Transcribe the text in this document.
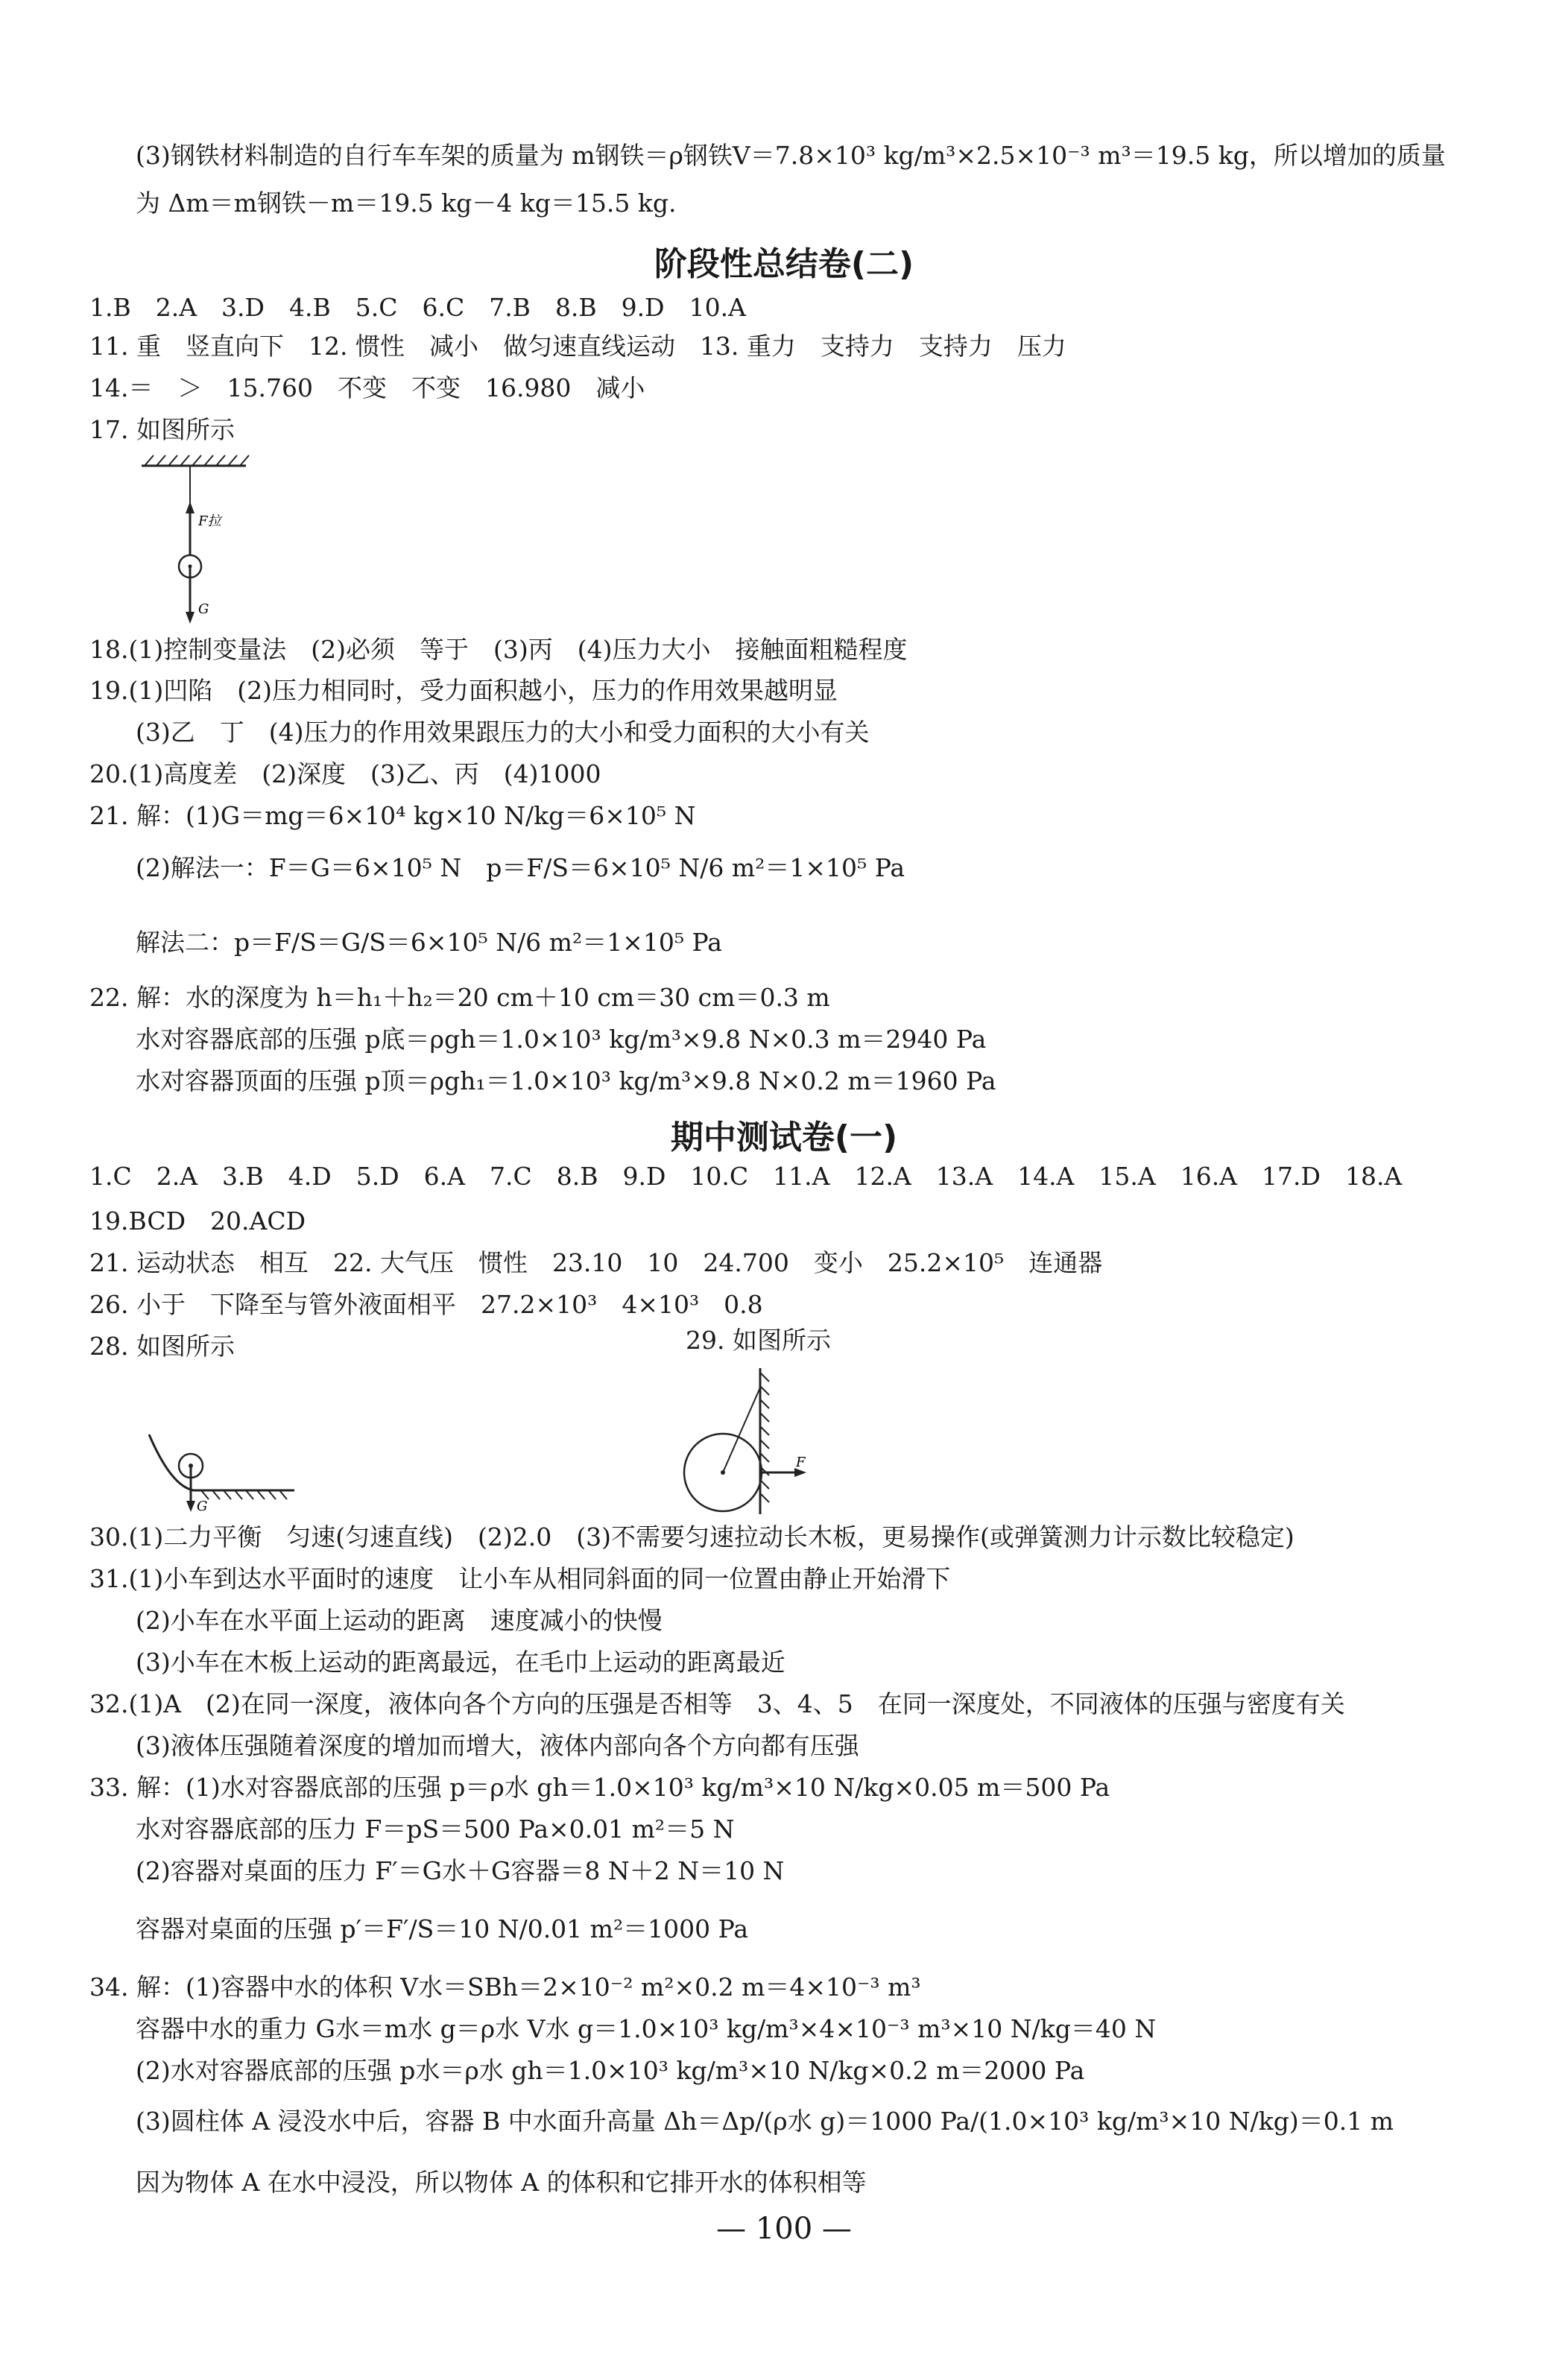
(3)钢铁材料制造的自行车车架的质量为 m钢铁＝ρ钢铁V＝7.8×10³ kg/m³×2.5×10⁻³ m³＝19.5 kg，所以增加的质量
为 Δm＝m钢铁－m＝19.5 kg－4 kg＝15.5 kg.
阶段性总结卷(二)
1.B　2.A　3.D　4.B　5.C　6.C　7.B　8.B　9.D　10.A
11. 重　竖直向下　12. 惯性　减小　做匀速直线运动　13. 重力　支持力　支持力　压力
14.＝　＞　15.760　不变　不变　16.980　减小
17. 如图所示
F拉
G
18.(1)控制变量法　(2)必须　等于　(3)丙　(4)压力大小　接触面粗糙程度
19.(1)凹陷　(2)压力相同时，受力面积越小，压力的作用效果越明显
(3)乙　丁　(4)压力的作用效果跟压力的大小和受力面积的大小有关
20.(1)高度差　(2)深度　(3)乙、丙　(4)1000
21. 解：(1)G＝mg＝6×10⁴ kg×10 N/kg＝6×10⁵ N
(2)解法一：F＝G＝6×10⁵ N　p＝F/S＝6×10⁵ N/6 m²＝1×10⁵ Pa
解法二：p＝F/S＝G/S＝6×10⁵ N/6 m²＝1×10⁵ Pa
22. 解：水的深度为 h＝h₁＋h₂＝20 cm＋10 cm＝30 cm＝0.3 m
水对容器底部的压强 p底＝ρgh＝1.0×10³ kg/m³×9.8 N×0.3 m＝2940 Pa
水对容器顶面的压强 p顶＝ρgh₁＝1.0×10³ kg/m³×9.8 N×0.2 m＝1960 Pa
期中测试卷(一)
1.C　2.A　3.B　4.D　5.D　6.A　7.C　8.B　9.D　10.C　11.A　12.A　13.A　14.A　15.A　16.A　17.D　18.A
19.BCD　20.ACD
21. 运动状态　相互　22. 大气压　惯性　23.10　10　24.700　变小　25.2×10⁵　连通器
26. 小于　下降至与管外液面相平　27.2×10³　4×10³　0.8
28. 如图所示	29. 如图所示
G
F
30.(1)二力平衡　匀速(匀速直线)　(2)2.0　(3)不需要匀速拉动长木板，更易操作(或弹簧测力计示数比较稳定)
31.(1)小车到达水平面时的速度　让小车从相同斜面的同一位置由静止开始滑下
(2)小车在水平面上运动的距离　速度减小的快慢
(3)小车在木板上运动的距离最远，在毛巾上运动的距离最近
32.(1)A　(2)在同一深度，液体向各个方向的压强是否相等　3、4、5　在同一深度处，不同液体的压强与密度有关
(3)液体压强随着深度的增加而增大，液体内部向各个方向都有压强
33. 解：(1)水对容器底部的压强 p＝ρ水 gh＝1.0×10³ kg/m³×10 N/kg×0.05 m＝500 Pa
水对容器底部的压力 F＝pS＝500 Pa×0.01 m²＝5 N
(2)容器对桌面的压力 F′＝G水＋G容器＝8 N＋2 N＝10 N
容器对桌面的压强 p′＝F′/S＝10 N/0.01 m²＝1000 Pa
34. 解：(1)容器中水的体积 V水＝SBh＝2×10⁻² m²×0.2 m＝4×10⁻³ m³
容器中水的重力 G水＝m水 g＝ρ水 V水 g＝1.0×10³ kg/m³×4×10⁻³ m³×10 N/kg＝40 N
(2)水对容器底部的压强 p水＝ρ水 gh＝1.0×10³ kg/m³×10 N/kg×0.2 m＝2000 Pa
(3)圆柱体 A 浸没水中后，容器 B 中水面升高量 Δh＝Δp/(ρ水 g)＝1000 Pa/(1.0×10³ kg/m³×10 N/kg)＝0.1 m
因为物体 A 在水中浸没，所以物体 A 的体积和它排开水的体积相等
— 100 —
